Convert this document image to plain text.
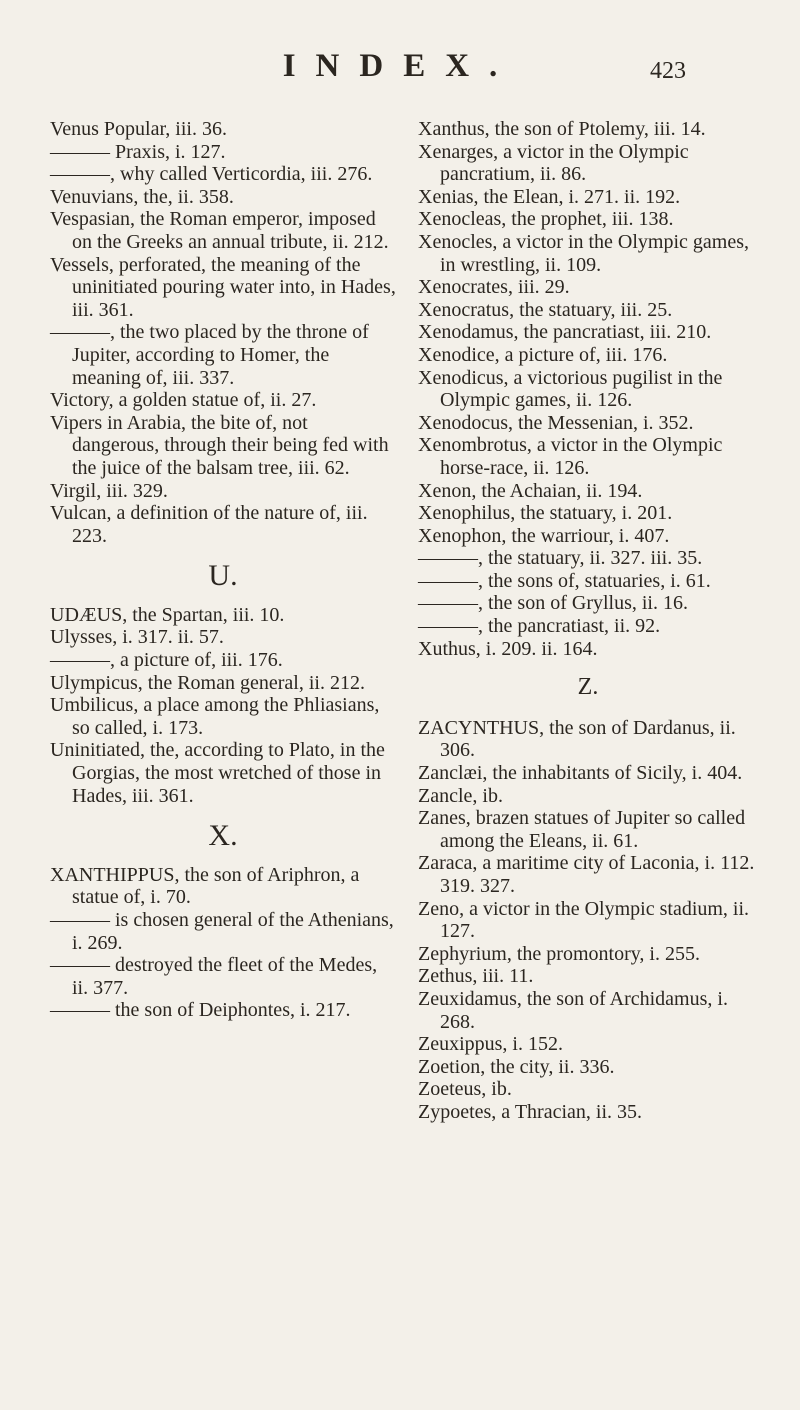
INDEX.	423
Venus Popular, iii. 36.
——— Praxis, i. 127.
———, why called Verticordia, iii. 276.
Venuvians, the, ii. 358.
Vespasian, the Roman emperor, imposed on the Greeks an annual tribute, ii. 212.
Vessels, perforated, the meaning of the uninitiated pouring water into, in Hades, iii. 361.
———, the two placed by the throne of Jupiter, according to Homer, the meaning of, iii. 337.
Victory, a golden statue of, ii. 27.
Vipers in Arabia, the bite of, not dangerous, through their being fed with the juice of the balsam tree, iii. 62.
Virgil, iii. 329.
Vulcan, a definition of the nature of, iii. 223.
U.
UDÆUS, the Spartan, iii. 10.
Ulysses, i. 317. ii. 57.
———, a picture of, iii. 176.
Ulympicus, the Roman general, ii. 212.
Umbilicus, a place among the Phliasians, so called, i. 173.
Uninitiated, the, according to Plato, in the Gorgias, the most wretched of those in Hades, iii. 361.
X.
XANTHIPPUS, the son of Ariphron, a statue of, i. 70.
——— is chosen general of the Athenians, i. 269.
——— destroyed the fleet of the Medes, ii. 377.
——— the son of Deiphontes, i. 217.
Xanthus, the son of Ptolemy, iii. 14.
Xenarges, a victor in the Olympic pancratium, ii. 86.
Xenias, the Elean, i. 271. ii. 192.
Xenocleas, the prophet, iii. 138.
Xenocles, a victor in the Olympic games, in wrestling, ii. 109.
Xenocrates, iii. 29.
Xenocratus, the statuary, iii. 25.
Xenodamus, the pancratiast, iii. 210.
Xenodice, a picture of, iii. 176.
Xenodicus, a victorious pugilist in the Olympic games, ii. 126.
Xenodocus, the Messenian, i. 352.
Xenombrotus, a victor in the Olympic horse-race, ii. 126.
Xenon, the Achaian, ii. 194.
Xenophilus, the statuary, i. 201.
Xenophon, the warriour, i. 407.
———, the statuary, ii. 327. iii. 35.
———, the sons of, statuaries, i. 61.
———, the son of Gryllus, ii. 16.
———, the pancratiast, ii. 92.
Xuthus, i. 209. ii. 164.
Z.
ZACYNTHUS, the son of Dardanus, ii. 306.
Zanclæi, the inhabitants of Sicily, i. 404.
Zancle, ib.
Zanes, brazen statues of Jupiter so called among the Eleans, ii. 61.
Zaraca, a maritime city of Laconia, i. 112. 319. 327.
Zeno, a victor in the Olympic stadium, ii. 127.
Zephyrium, the promontory, i. 255.
Zethus, iii. 11.
Zeuxidamus, the son of Archidamus, i. 268.
Zeuxippus, i. 152.
Zoetion, the city, ii. 336.
Zoeteus, ib.
Zypoetes, a Thracian, ii. 35.
